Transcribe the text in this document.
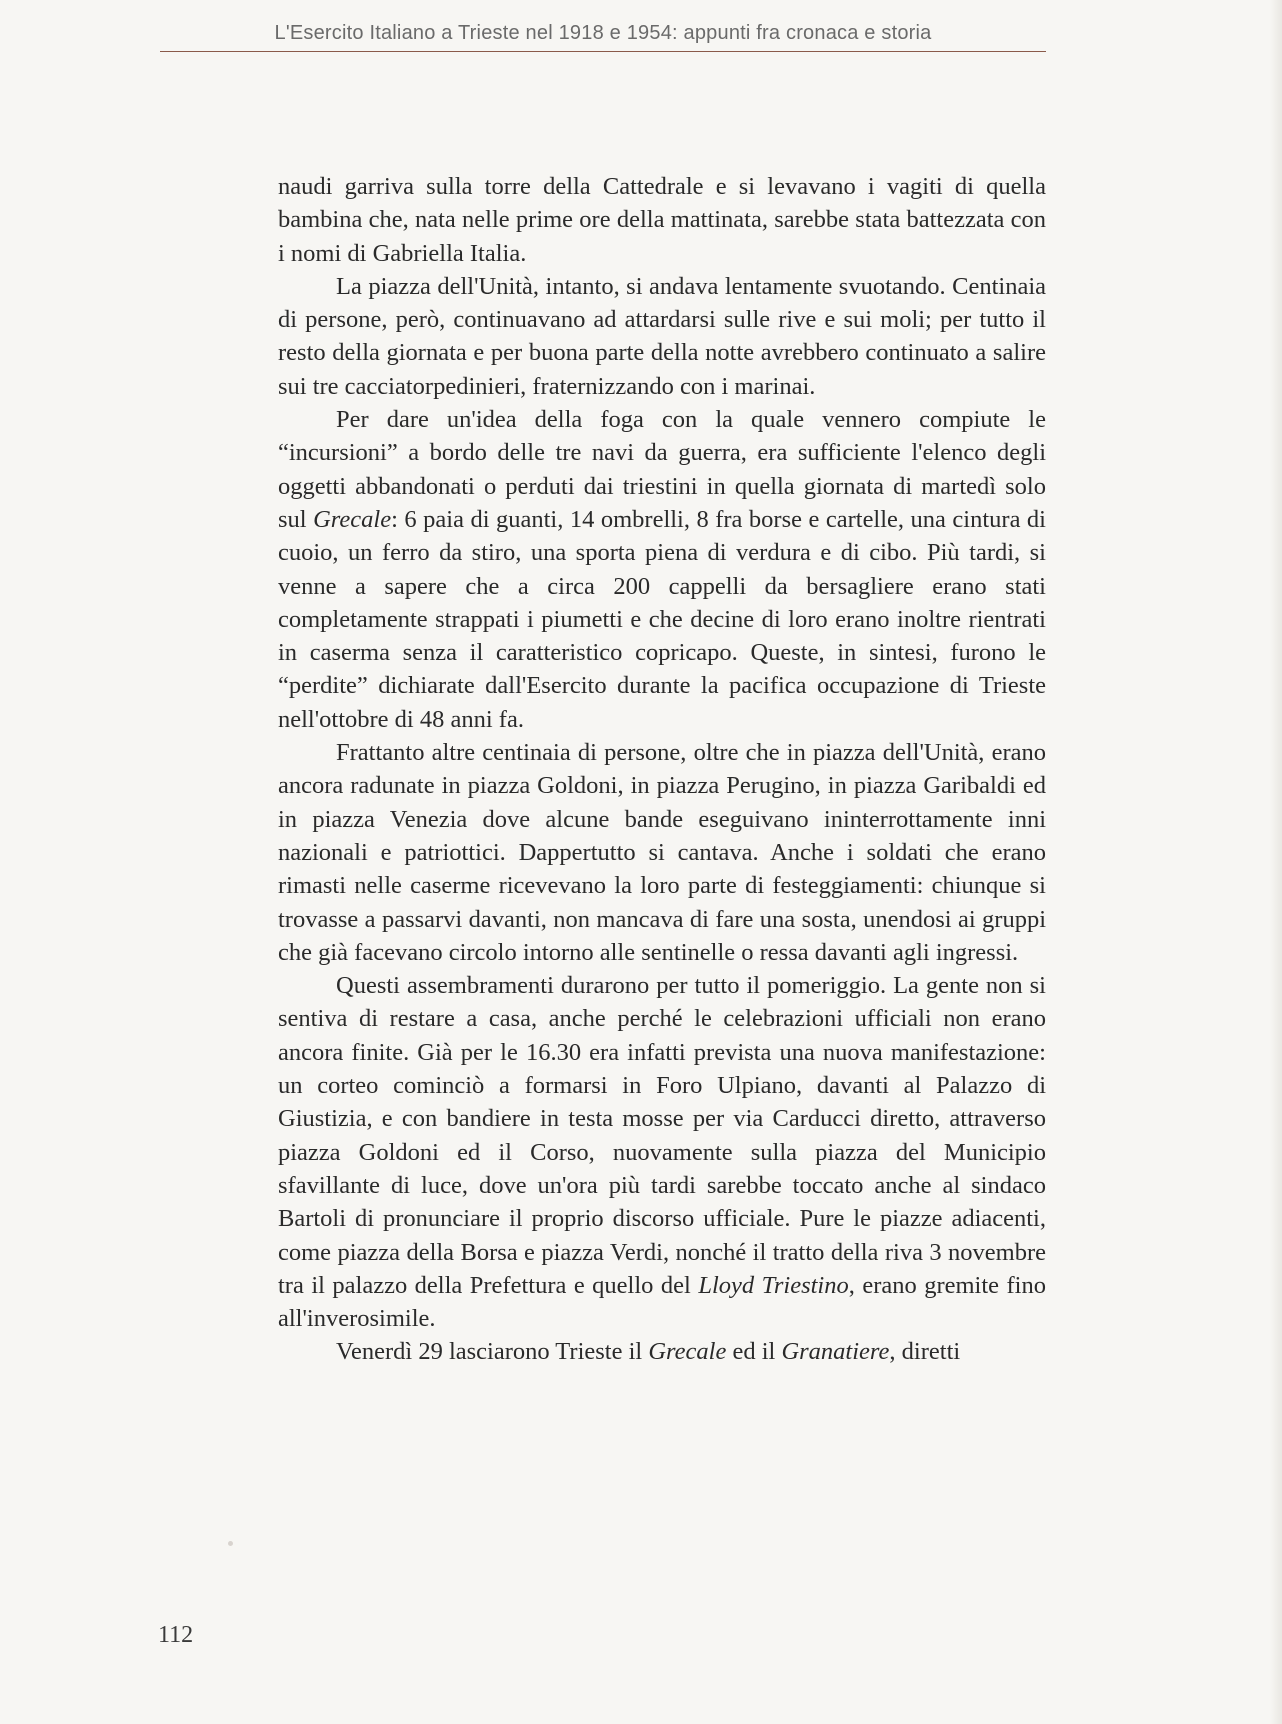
L'Esercito Italiano a Trieste nel 1918 e 1954: appunti fra cronaca e storia

naudi garriva sulla torre della Cattedrale e si levavano i vagiti di quella bambina che, nata nelle prime ore della mattinata, sarebbe stata battezzata con i nomi di Gabriella Italia.

La piazza dell'Unità, intanto, si andava lentamente svuotando. Centinaia di persone, però, continuavano ad attardarsi sulle rive e sui moli; per tutto il resto della giornata e per buona parte della notte avrebbero continuato a salire sui tre cacciatorpedinieri, fraternizzando con i marinai.

Per dare un'idea della foga con la quale vennero compiute le “incursioni” a bordo delle tre navi da guerra, era sufficiente l'elenco degli oggetti abbandonati o perduti dai triestini in quella giornata di martedì solo sul Grecale: 6 paia di guanti, 14 ombrelli, 8 fra borse e cartelle, una cintura di cuoio, un ferro da stiro, una sporta piena di verdura e di cibo. Più tardi, si venne a sapere che a circa 200 cappelli da bersagliere erano stati completamente strappati i piumetti e che decine di loro erano inoltre rientrati in caserma senza il caratteristico copricapo. Queste, in sintesi, furono le “perdite” dichiarate dall'Esercito durante la pacifica occupazione di Trieste nell'ottobre di 48 anni fa.

Frattanto altre centinaia di persone, oltre che in piazza dell'Unità, erano ancora radunate in piazza Goldoni, in piazza Perugino, in piazza Garibaldi ed in piazza Venezia dove alcune bande eseguivano ininterrottamente inni nazionali e patriottici. Dappertutto si cantava. Anche i soldati che erano rimasti nelle caserme ricevevano la loro parte di festeggiamenti: chiunque si trovasse a passarvi davanti, non mancava di fare una sosta, unendosi ai gruppi che già facevano circolo intorno alle sentinelle o ressa davanti agli ingressi.

Questi assembramenti durarono per tutto il pomeriggio. La gente non si sentiva di restare a casa, anche perché le celebrazioni ufficiali non erano ancora finite. Già per le 16.30 era infatti prevista una nuova manifestazione: un corteo cominciò a formarsi in Foro Ulpiano, davanti al Palazzo di Giustizia, e con bandiere in testa mosse per via Carducci diretto, attraverso piazza Goldoni ed il Corso, nuovamente sulla piazza del Municipio sfavillante di luce, dove un'ora più tardi sarebbe toccato anche al sindaco Bartoli di pronunciare il proprio discorso ufficiale. Pure le piazze adiacenti, come piazza della Borsa e piazza Verdi, nonché il tratto della riva 3 novembre tra il palazzo della Prefettura e quello del Lloyd Triestino, erano gremite fino all'inverosimile.

Venerdì 29 lasciarono Trieste il Grecale ed il Granatiere, diretti

112
